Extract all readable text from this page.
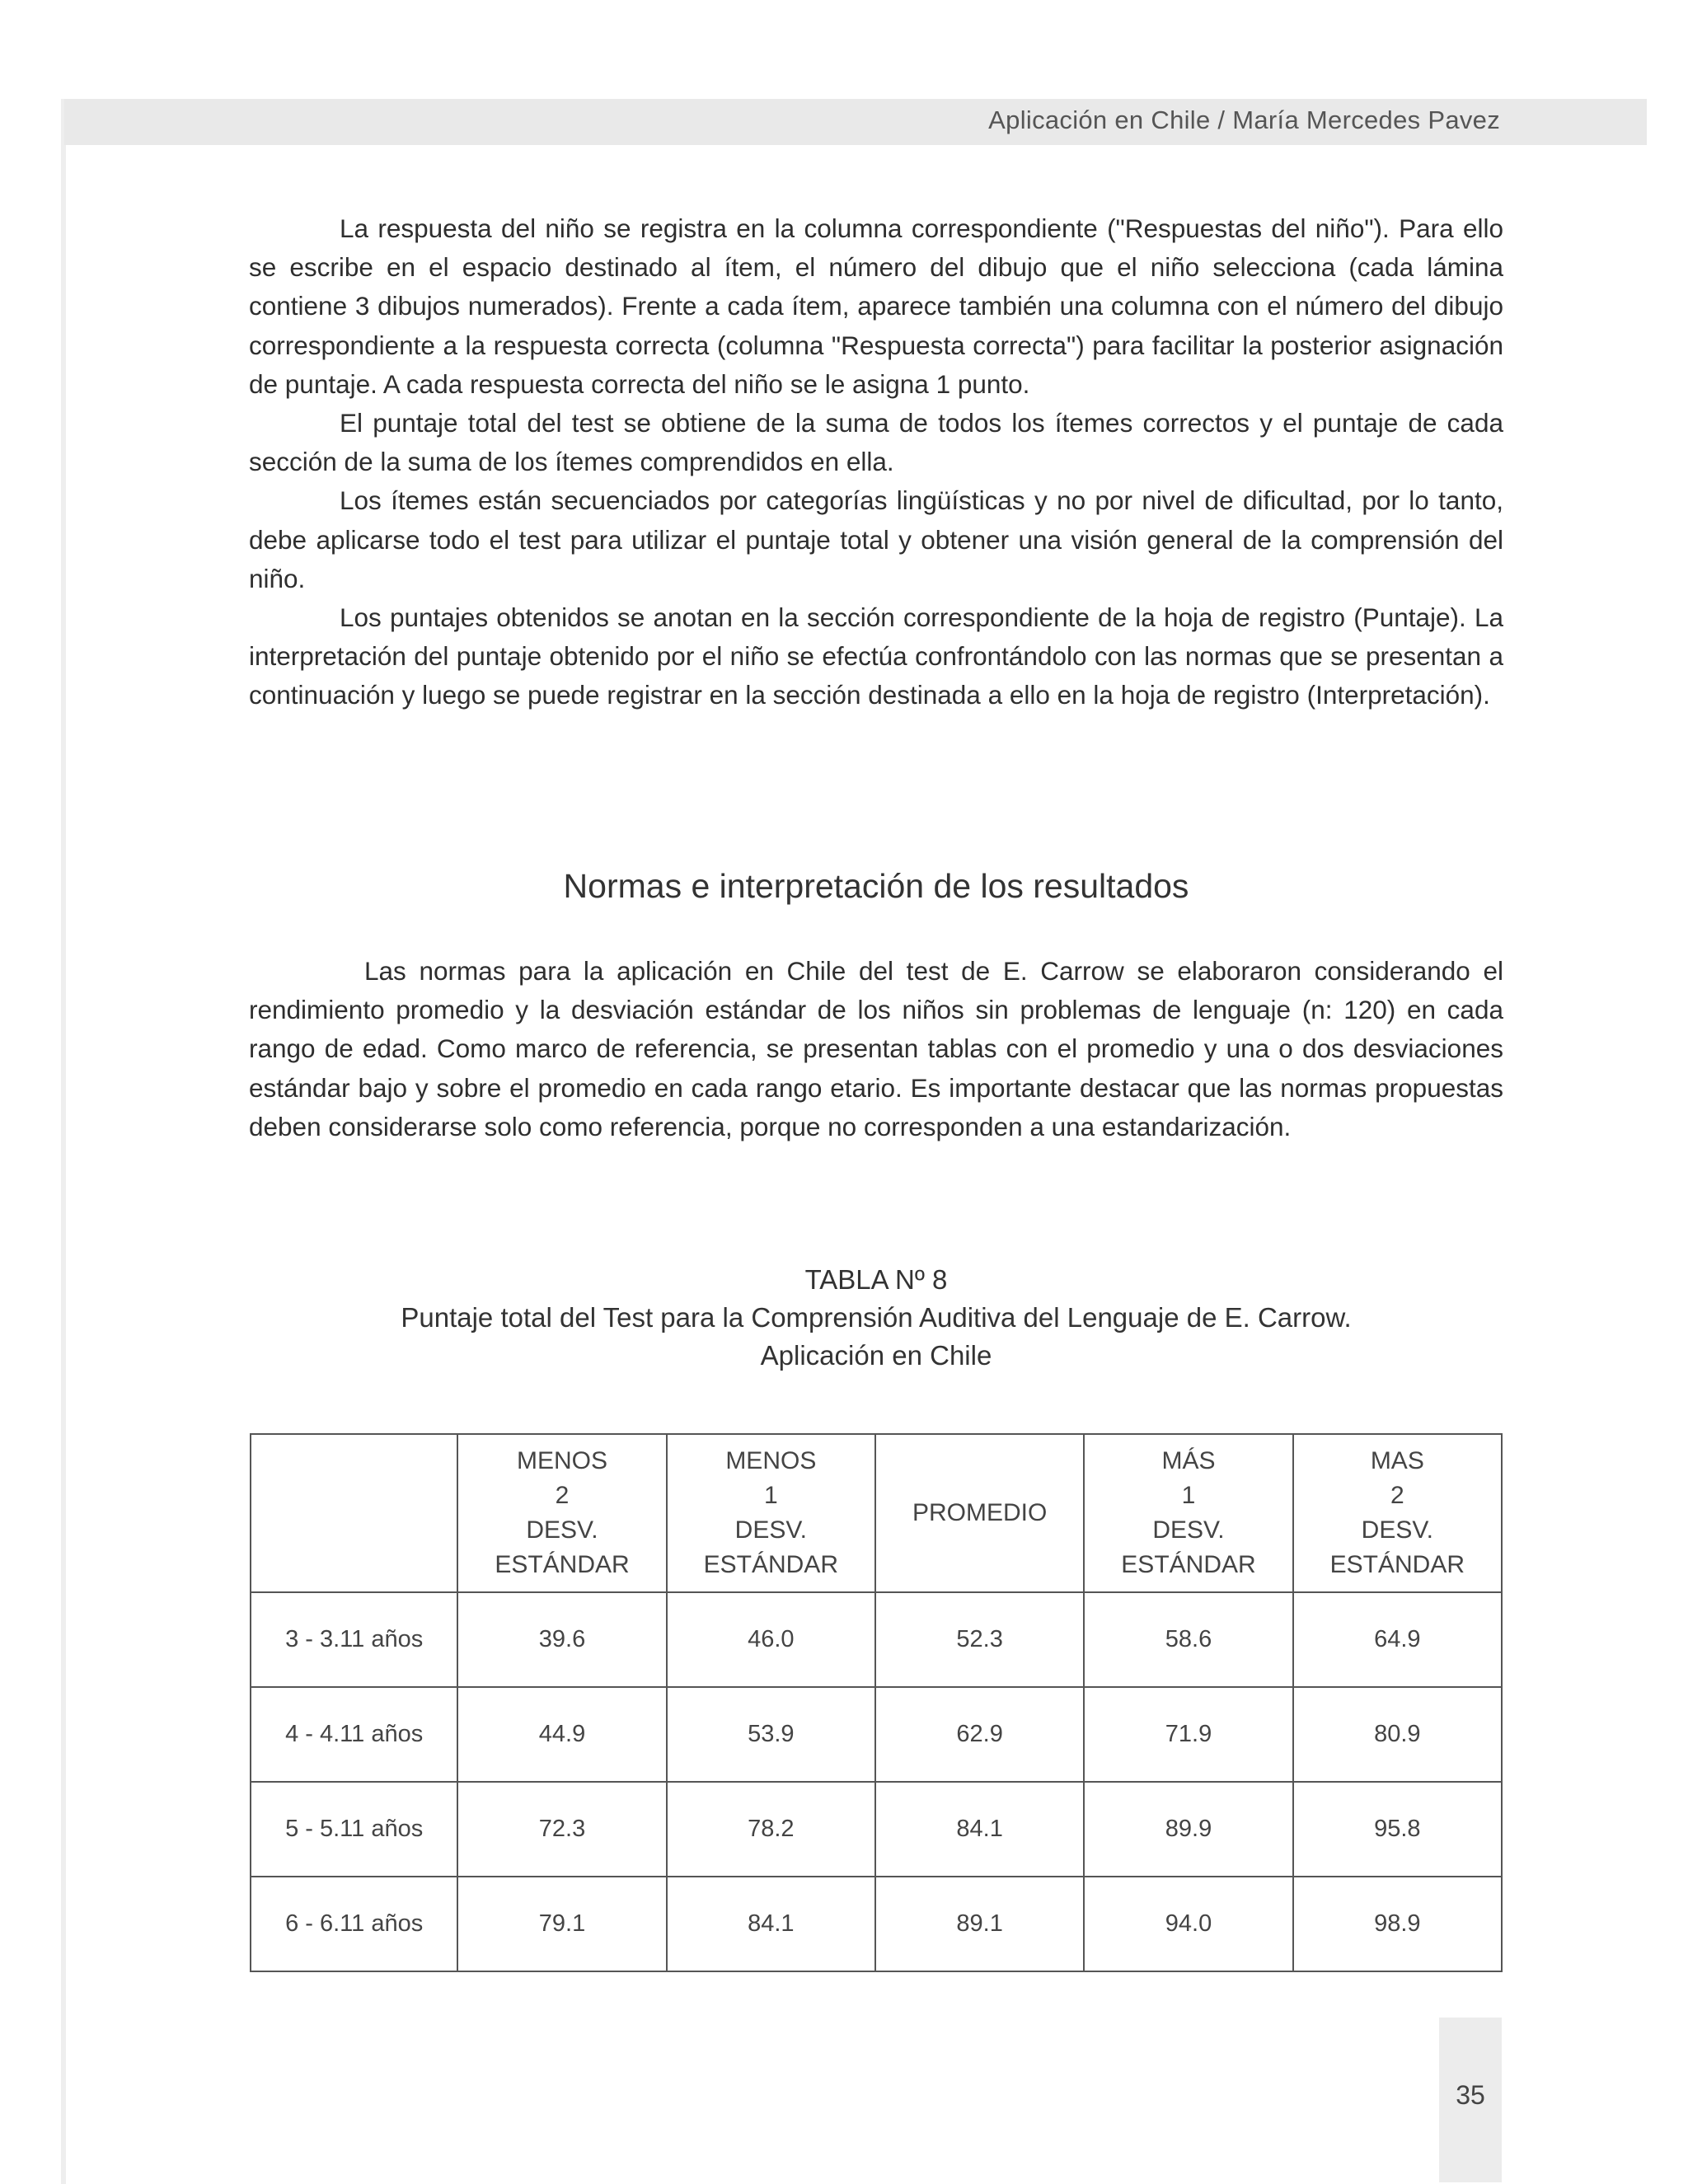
Aplicación en Chile / María Mercedes Pavez

La respuesta del niño se registra en la columna correspondiente ("Respuestas del niño"). Para ello se escribe en el espacio destinado al ítem, el número del dibujo que el niño selecciona (cada lámina contiene 3 dibujos numerados). Frente a cada ítem, aparece también una columna con el número del dibujo correspondiente a la respuesta correcta (columna "Respuesta correcta") para facilitar la posterior asignación de puntaje. A cada respuesta correcta del niño se le asigna 1 punto.

El puntaje total del test se obtiene de la suma de todos los ítemes correctos y el puntaje de cada sección de la suma de los ítemes comprendidos en ella.

Los ítemes están secuenciados por categorías lingüísticas y no por nivel de dificultad, por lo tanto, debe aplicarse todo el test para utilizar el puntaje total y obtener una visión general de la comprensión del niño.

Los puntajes obtenidos se anotan en la sección correspondiente de la hoja de registro (Puntaje). La interpretación del puntaje obtenido por el niño se efectúa confrontándolo con las normas que se presentan a continuación y luego se puede registrar en la sección destinada a ello en la hoja de registro (Interpretación).

Normas e interpretación de los resultados

Las normas para la aplicación en Chile del test de E. Carrow se elaboraron considerando el rendimiento promedio y la desviación estándar de los niños sin problemas de lenguaje (n: 120) en cada rango de edad. Como marco de referencia, se presentan tablas con el promedio y una o dos desviaciones estándar bajo y sobre el promedio en cada rango etario. Es importante destacar que las normas propuestas deben considerarse solo como referencia, porque no corresponden a una estandarización.

TABLA Nº 8
Puntaje total del Test para la Comprensión Auditiva del Lenguaje de E. Carrow.
Aplicación en Chile

	MENOS
2
DESV.
ESTÁNDAR	MENOS
1
DESV.
ESTÁNDAR	PROMEDIO	MÁS
1
DESV.
ESTÁNDAR	MAS
2
DESV.
ESTÁNDAR

3 - 3.11 años	39.6	46.0	52.3	58.6	64.9
4 - 4.11 años	44.9	53.9	62.9	71.9	80.9
5 - 5.11 años	72.3	78.2	84.1	89.9	95.8
6 - 6.11 años	79.1	84.1	89.1	94.0	98.9
35
